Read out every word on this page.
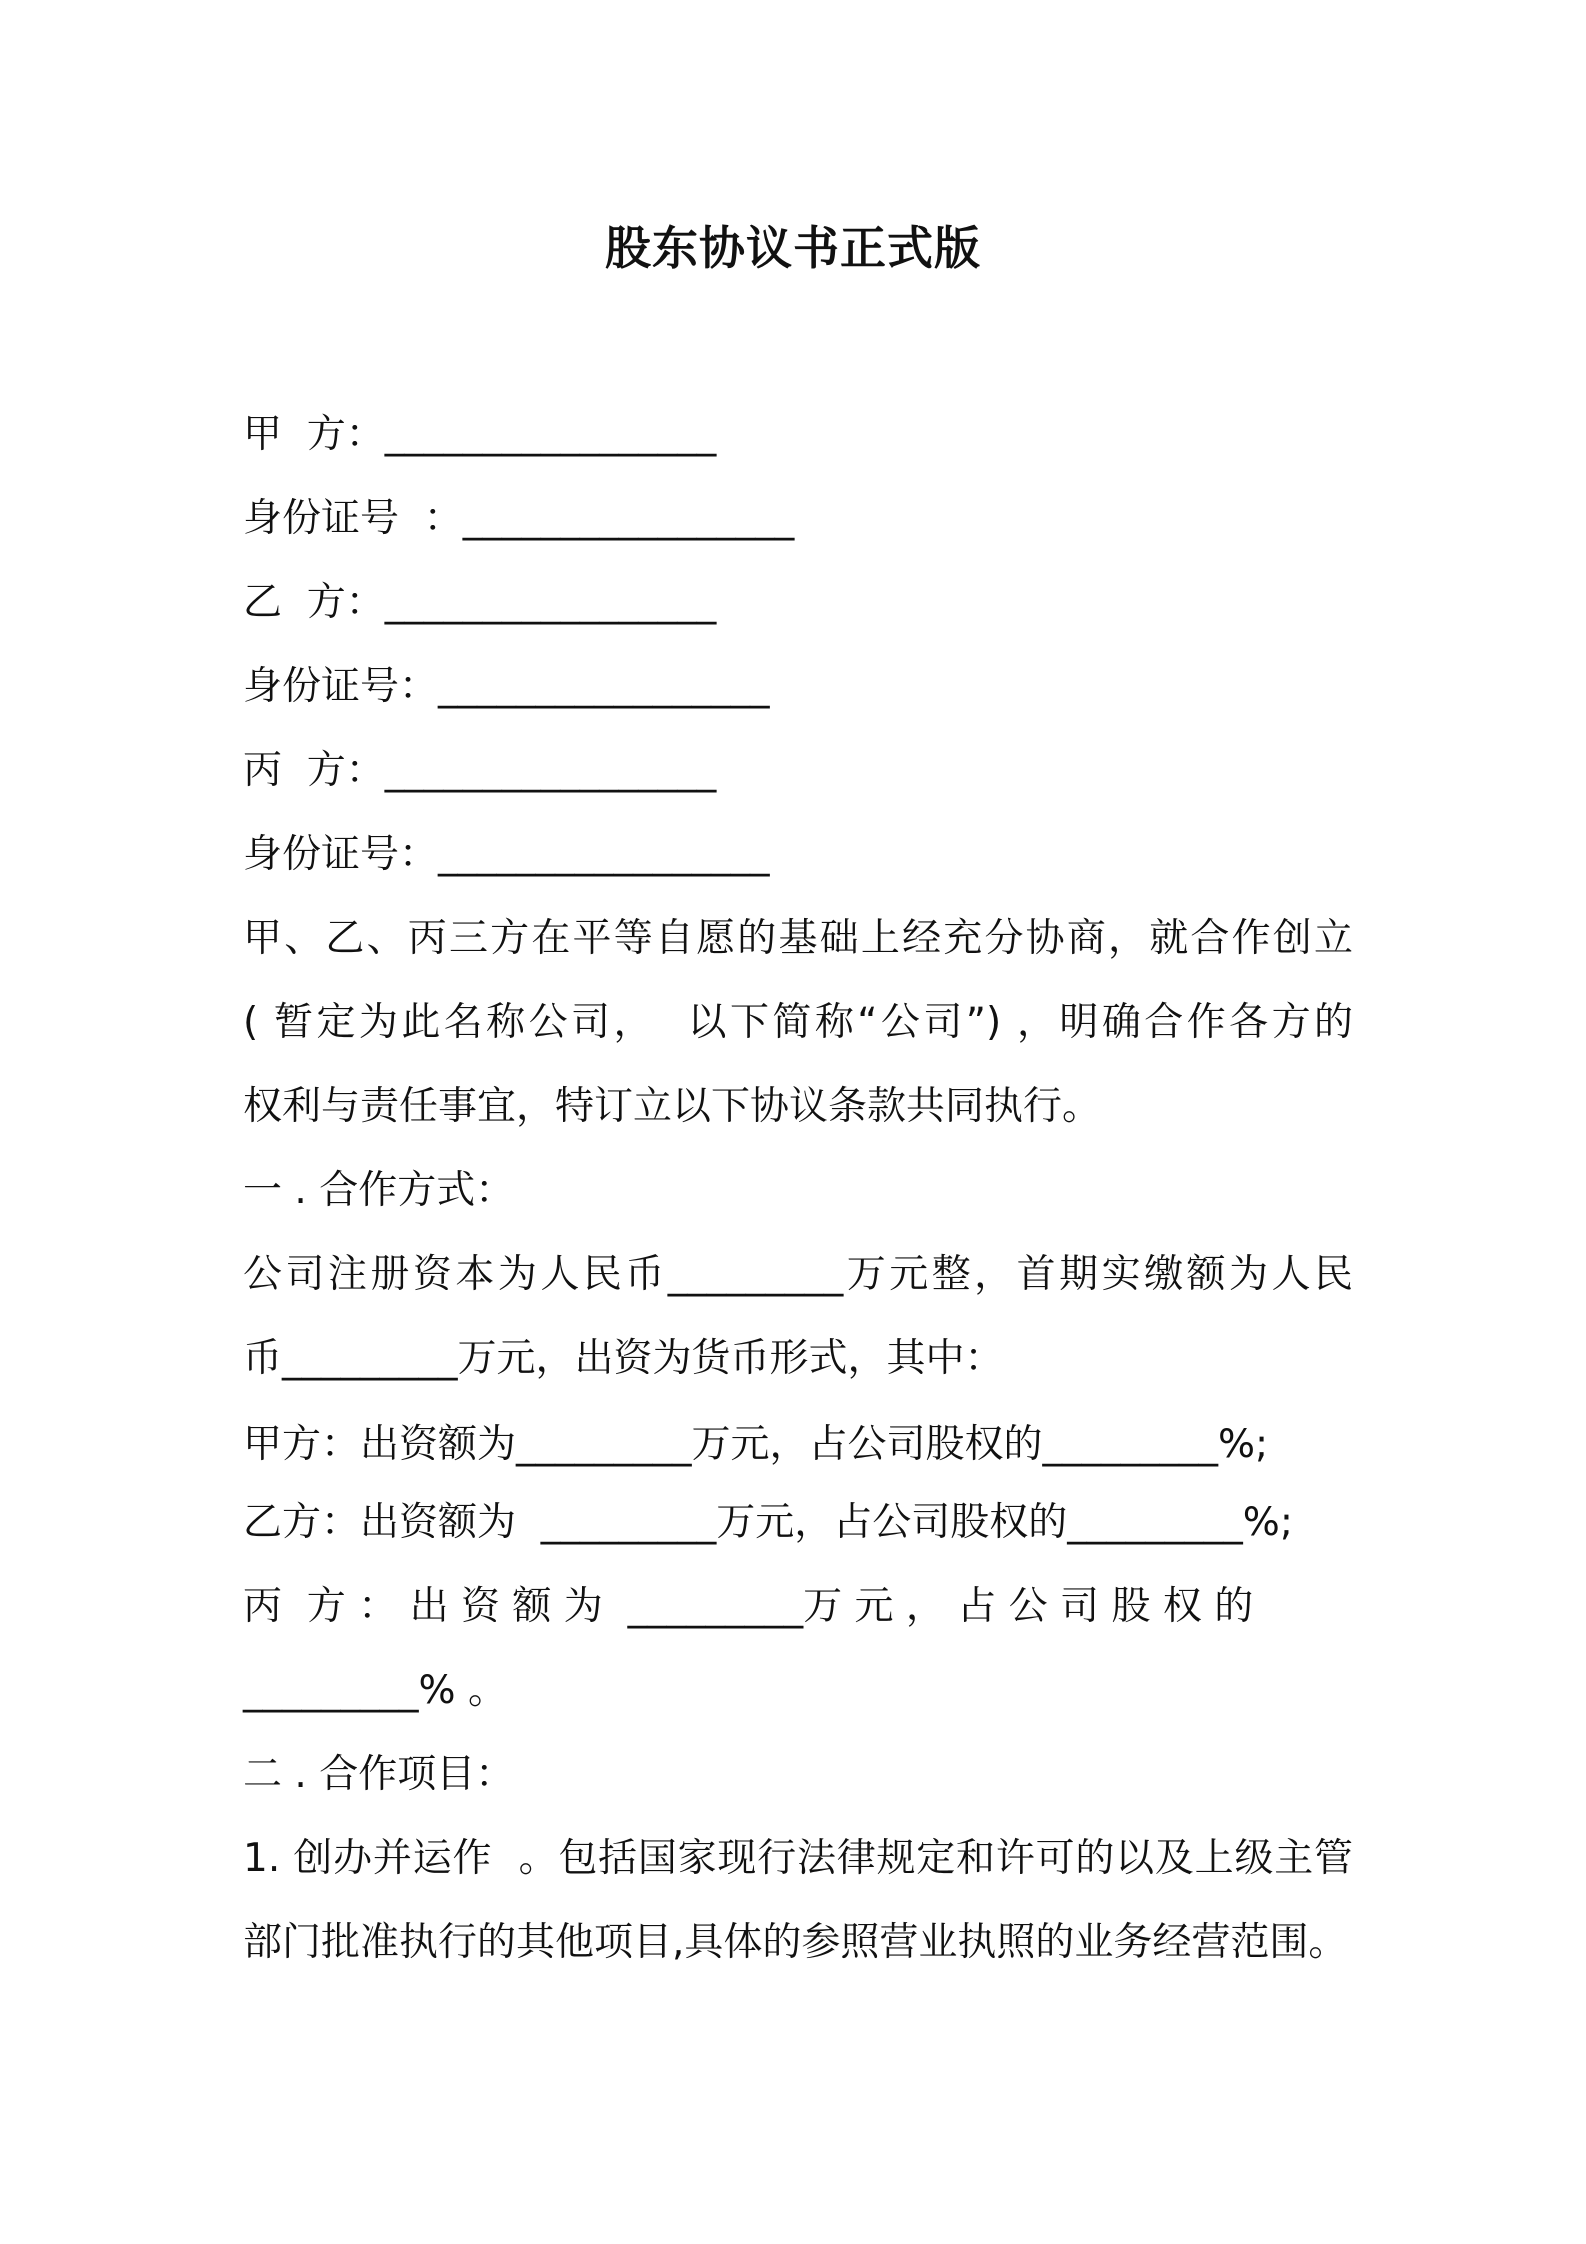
股东协议书正式版
甲  方：_________________
身份证号  ：_________________
乙  方：_________________
身份证号：_________________
丙  方：_________________
身份证号：_________________
甲、乙、丙三方在平等自愿的基础上经充分协商，就合作创立
( 暂定为此名称公司，  以下简称“公司”) ，明确合作各方的
权利与责任事宜，特订立以下协议条款共同执行。
一 . 合作方式：
公司注册资本为人民币_________万元整，首期实缴额为人民
币_________万元，出资为货币形式，其中：
甲方：出资额为_________万元，占公司股权的_________%;
乙方：出资额为  _________万元，占公司股权的_________%;
丙  方 ： 出 资 额 为  _________万 元 ， 占 公 司 股 权 的
_________% 。
二 . 合作项目：
1. 创办并运作  。包括国家现行法律规定和许可的以及上级主管
部门批准执行的其他项目,具体的参照营业执照的业务经营范围。
